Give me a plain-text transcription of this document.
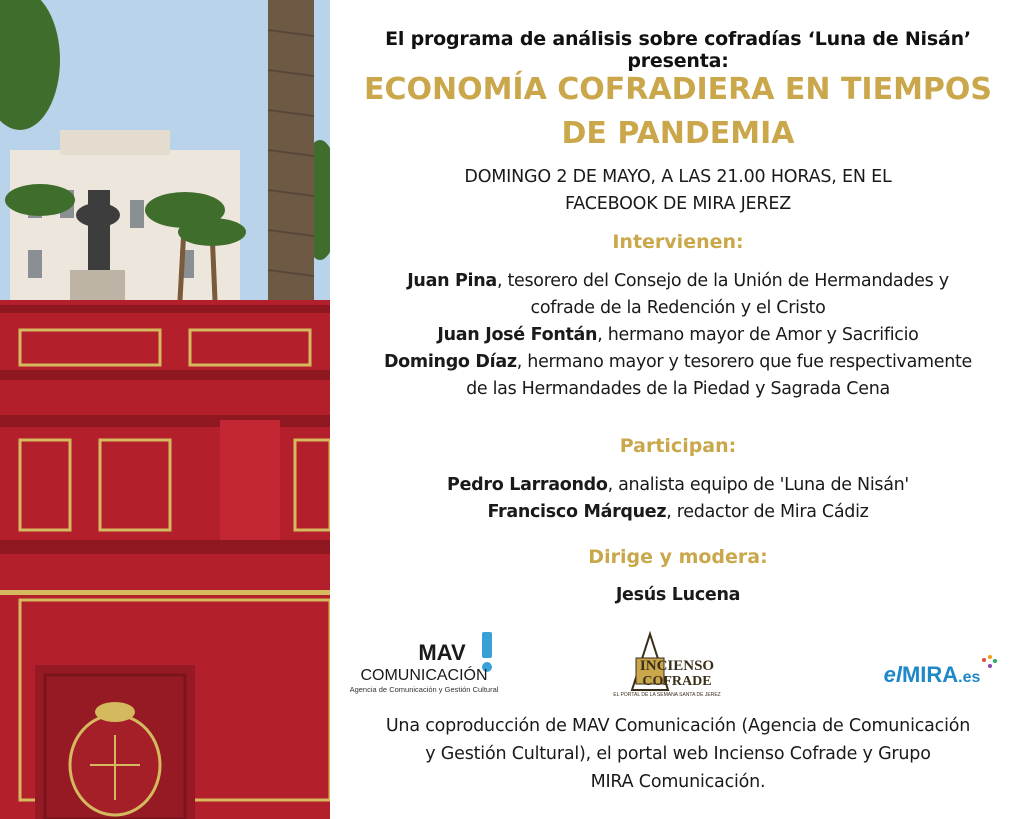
El programa de análisis sobre cofradías ‘Luna de Nisán’ presenta:
ECONOMÍA COFRADIERA EN TIEMPOS
DE PANDEMIA
DOMINGO 2 DE MAYO, A LAS 21.00 HORAS, EN EL
FACEBOOK DE MIRA JEREZ
Intervienen:
Juan Pina, tesorero del Consejo de la Unión de Hermandades y
cofrade de la Redención y el Cristo
Juan José Fontán, hermano mayor de Amor y Sacrificio
Domingo Díaz, hermano mayor y tesorero que fue respectivamente
de las Hermandades de la Piedad y Sagrada Cena
Participan:
Pedro Larraondo, analista equipo de 'Luna de Nisán'
Francisco Márquez, redactor de Mira Cádiz
Dirige y modera:
Jesús Lucena
MAV
COMUNICACIÓN
Agencia de Comunicación y Gestión Cultural
INCIENSO
COFRADE
EL PORTAL DE LA SEMANA SANTA DE JEREZ
elMIRA.es
Una coproducción de MAV Comunicación (Agencia de Comunicación
y Gestión Cultural), el portal web Incienso Cofrade y Grupo
MIRA Comunicación.
